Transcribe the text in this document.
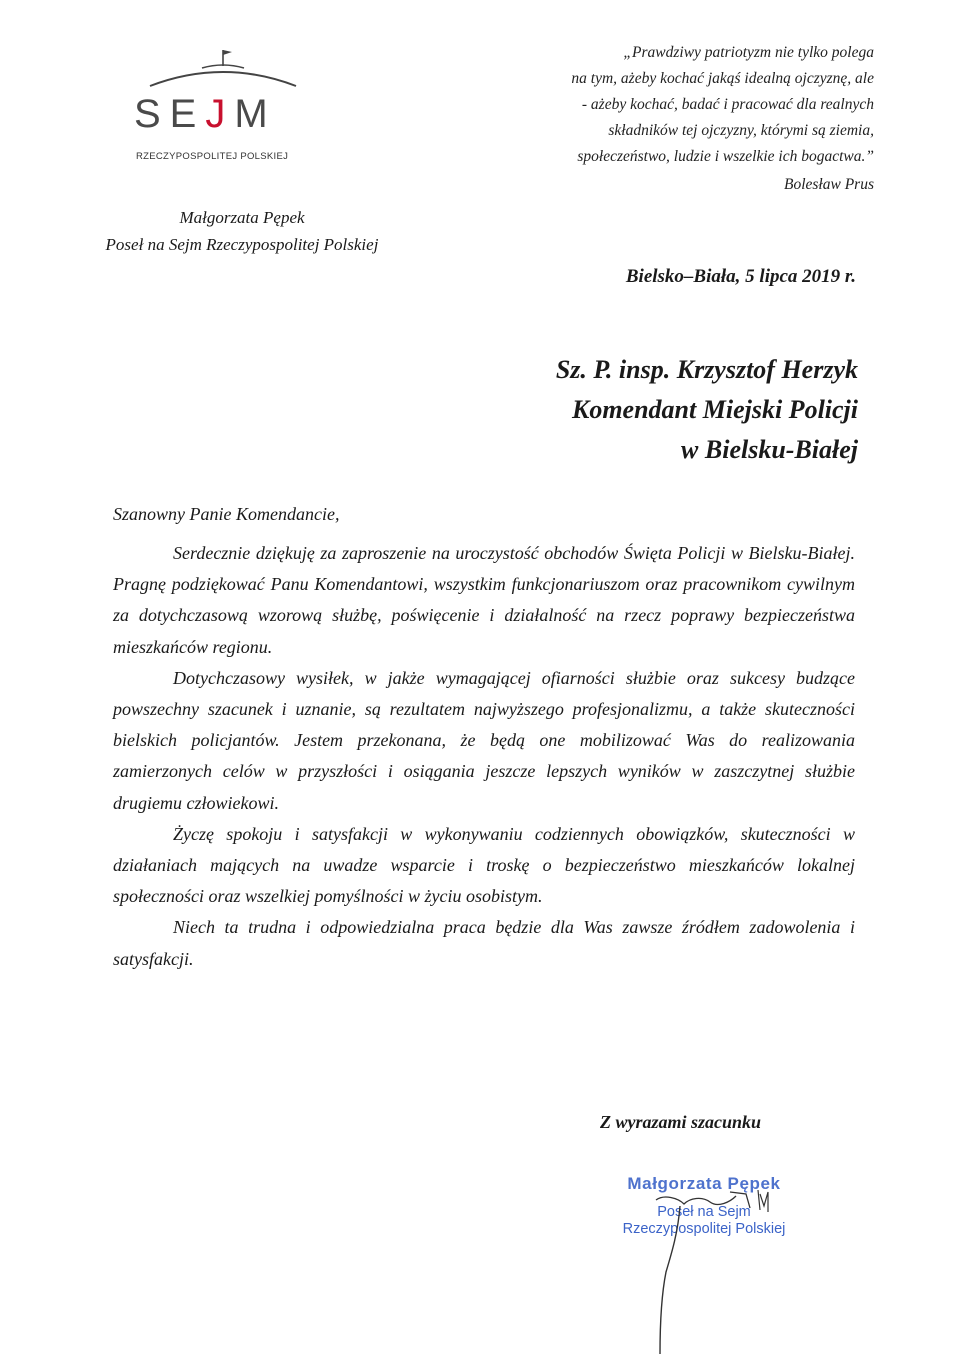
SEJM
RZECZYPOSPOLITEJ POLSKIEJ
„Prawdziwy patriotyzm nie tylko polega
na tym, ażeby kochać jakąś idealną ojczyznę, ale
- ażeby kochać, badać i pracować dla realnych
składników tej ojczyzny, którymi są ziemia,
społeczeństwo, ludzie i wszelkie ich bogactwa.”
Bolesław Prus
Małgorzata Pępek
Poseł na Sejm Rzeczypospolitej Polskiej
Bielsko–Biała, 5 lipca 2019 r.
Sz. P. insp. Krzysztof Herzyk
Komendant Miejski Policji
w Bielsku-Białej
Szanowny Panie Komendancie,

Serdecznie dziękuję za zaproszenie na uroczystość obchodów Święta Policji w Bielsku-Białej. Pragnę podziękować Panu Komendantowi, wszystkim funkcjonariuszom oraz pracownikom cywilnym za dotychczasową wzorową służbę, poświęcenie i działalność na rzecz poprawy bezpieczeństwa mieszkańców regionu.

Dotychczasowy wysiłek, w jakże wymagającej ofiarności służbie oraz sukcesy budzące powszechny szacunek i uznanie, są rezultatem najwyższego profesjonalizmu, a także skuteczności bielskich policjantów. Jestem przekonana, że będą one mobilizować Was do realizowania zamierzonych celów w przyszłości i osiągania jeszcze lepszych wyników w zaszczytnej służbie drugiemu człowiekowi.

Życzę spokoju i satysfakcji w wykonywaniu codziennych obowiązków, skuteczności w działaniach mających na uwadze wsparcie i troskę o bezpieczeństwo mieszkańców lokalnej społeczności oraz wszelkiej pomyślności w życiu osobistym.

Niech ta trudna i odpowiedzialna praca będzie dla Was zawsze źródłem zadowolenia i satysfakcji.

Z wyrazami szacunku
Małgorzata Pępek
Poseł na Sejm
Rzeczypospolitej Polskiej
